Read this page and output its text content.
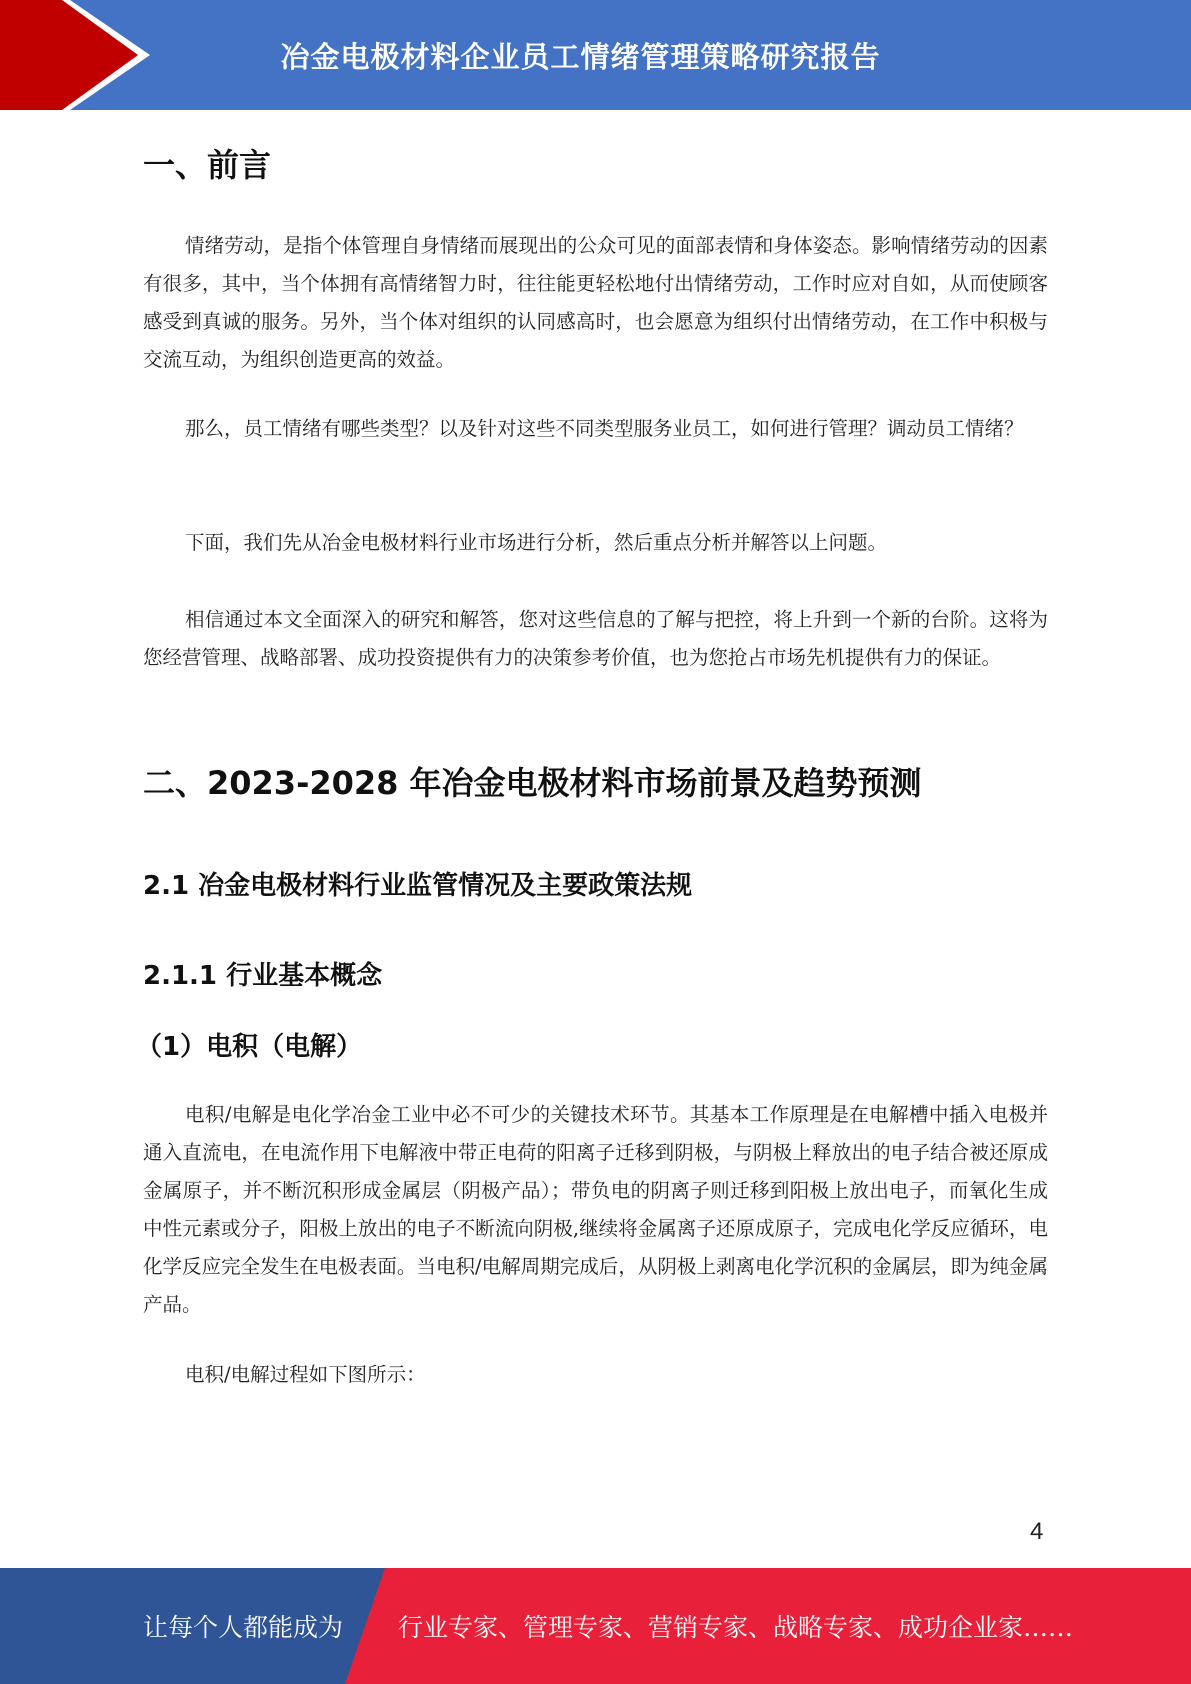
冶金电极材料企业员工情绪管理策略研究报告
一、前言
情绪劳动，是指个体管理自身情绪而展现出的公众可见的面部表情和身体姿态。影响情绪劳动的因素有很多，其中，当个体拥有高情绪智力时，往往能更轻松地付出情绪劳动，工作时应对自如，从而使顾客感受到真诚的服务。另外，当个体对组织的认同感高时，也会愿意为组织付出情绪劳动，在工作中积极与交流互动，为组织创造更高的效益。
那么，员工情绪有哪些类型？以及针对这些不同类型服务业员工，如何进行管理？调动员工情绪？
下面，我们先从冶金电极材料行业市场进行分析，然后重点分析并解答以上问题。
相信通过本文全面深入的研究和解答，您对这些信息的了解与把控，将上升到一个新的台阶。这将为您经营管理、战略部署、成功投资提供有力的决策参考价值，也为您抢占市场先机提供有力的保证。
二、2023-2028 年冶金电极材料市场前景及趋势预测
2.1 冶金电极材料行业监管情况及主要政策法规
2.1.1 行业基本概念
（1）电积（电解）
电积/电解是电化学冶金工业中必不可少的关键技术环节。其基本工作原理是在电解槽中插入电极并通入直流电，在电流作用下电解液中带正电荷的阳离子迁移到阴极，与阴极上释放出的电子结合被还原成金属原子，并不断沉积形成金属层（阴极产品）；带负电的阴离子则迁移到阳极上放出电子，而氧化生成中性元素或分子，阳极上放出的电子不断流向阴极,继续将金属离子还原成原子，完成电化学反应循环，电化学反应完全发生在电极表面。当电积/电解周期完成后，从阴极上剥离电化学沉积的金属层，即为纯金属产品。
电积/电解过程如下图所示：
4
让每个人都能成为 行业专家、管理专家、营销专家、战略专家、成功企业家……
